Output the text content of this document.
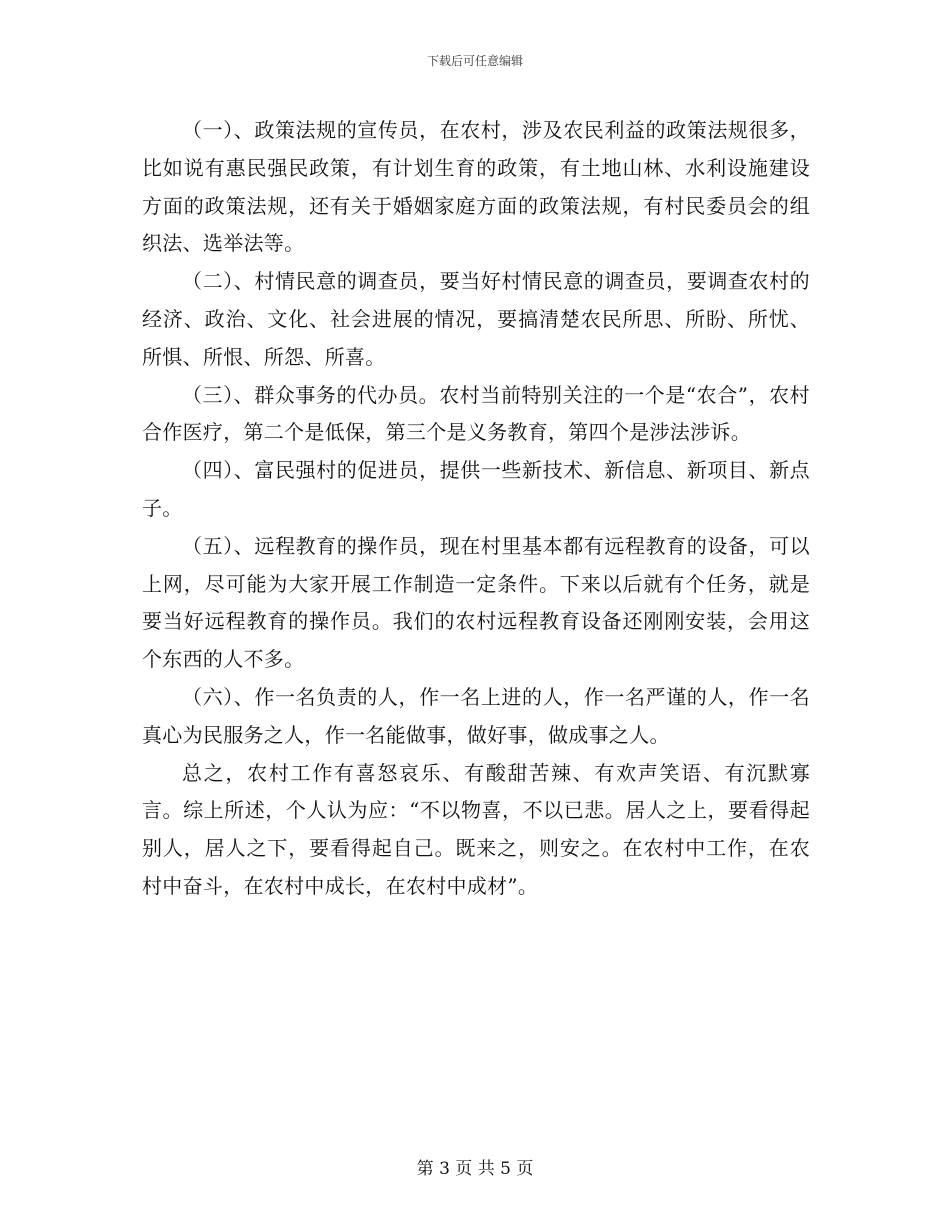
下载后可任意编辑

（一）、政策法规的宣传员，在农村，涉及农民利益的政策法规很多，比如说有惠民强民政策，有计划生育的政策，有土地山林、水利设施建设方面的政策法规，还有关于婚姻家庭方面的政策法规，有村民委员会的组织法、选举法等。

（二）、村情民意的调查员，要当好村情民意的调查员，要调查农村的经济、政治、文化、社会进展的情况，要搞清楚农民所思、所盼、所忧、所惧、所恨、所怨、所喜。

（三）、群众事务的代办员。农村当前特别关注的一个是“农合”，农村合作医疗，第二个是低保，第三个是义务教育，第四个是涉法涉诉。

（四）、富民强村的促进员，提供一些新技术、新信息、新项目、新点子。

（五）、远程教育的操作员，现在村里基本都有远程教育的设备，可以上网，尽可能为大家开展工作制造一定条件。下来以后就有个任务，就是要当好远程教育的操作员。我们的农村远程教育设备还刚刚安装，会用这个东西的人不多。

（六）、作一名负责的人，作一名上进的人，作一名严谨的人，作一名真心为民服务之人，作一名能做事，做好事，做成事之人。

总之，农村工作有喜怒哀乐、有酸甜苦辣、有欢声笑语、有沉默寡言。综上所述，个人认为应：“不以物喜，不以已悲。居人之上，要看得起别人，居人之下，要看得起自己。既来之，则安之。在农村中工作，在农村中奋斗，在农村中成长，在农村中成材”。

第 3 页 共 5 页
